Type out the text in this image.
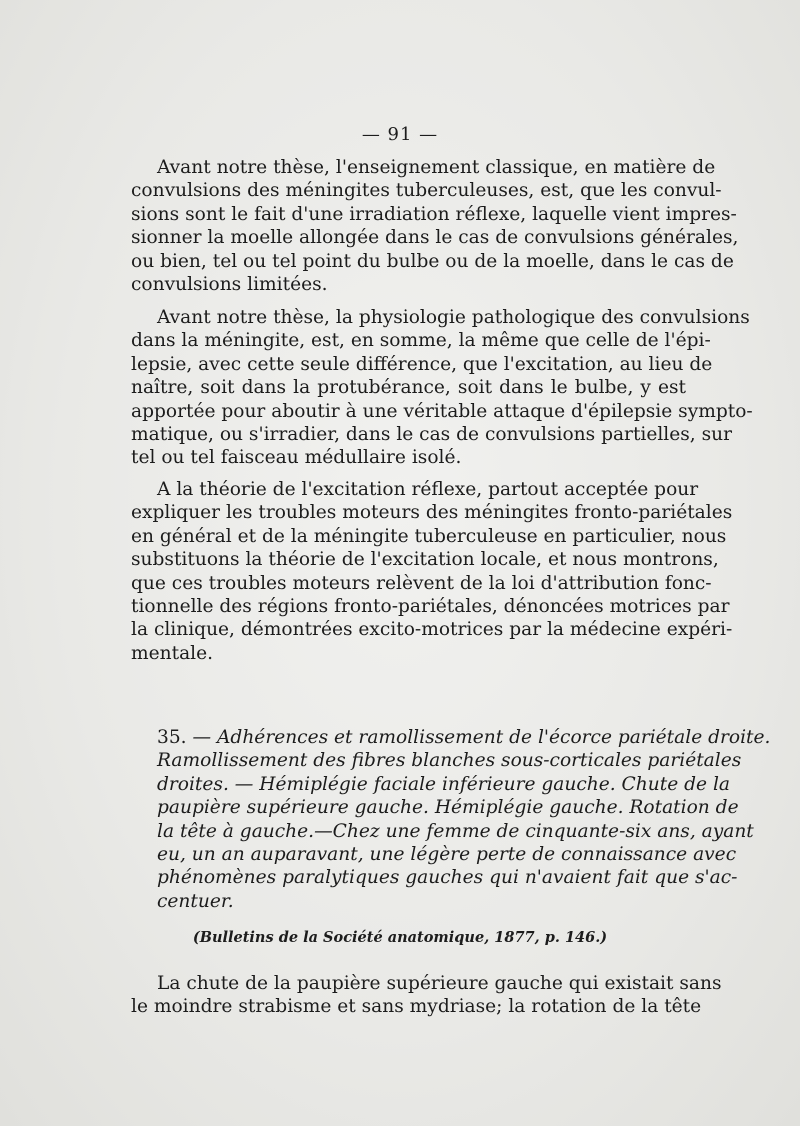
— 91 —
Avant notre thèse, l'enseignement classique, en matière de
convulsions des méningites tuberculeuses, est, que les convul-
sions sont le fait d'une irradiation réflexe, laquelle vient impres-
sionner la moelle allongée dans le cas de convulsions générales,
ou bien, tel ou tel point du bulbe ou de la moelle, dans le cas de
convulsions limitées.
Avant notre thèse, la physiologie pathologique des convulsions
dans la méningite, est, en somme, la même que celle de l'épi-
lepsie, avec cette seule différence, que l'excitation, au lieu de
naître, soit dans la protubérance, soit dans le bulbe, y est
apportée pour aboutir à une véritable attaque d'épilepsie sympto-
matique, ou s'irradier, dans le cas de convulsions partielles, sur
tel ou tel faisceau médullaire isolé.
A la théorie de l'excitation réflexe, partout acceptée pour
expliquer les troubles moteurs des méningites fronto-pariétales
en général et de la méningite tuberculeuse en particulier, nous
substituons la théorie de l'excitation locale, et nous montrons,
que ces troubles moteurs relèvent de la loi d'attribution fonc-
tionnelle des régions fronto-pariétales, dénoncées motrices par
la clinique, démontrées excito-motrices par la médecine expéri-
mentale.
35. — Adhérences et ramollissement de l'écorce pariétale droite.
Ramollissement des fibres blanches sous-corticales pariétales
droites. — Hémiplégie faciale inférieure gauche. Chute de la
paupière supérieure gauche. Hémiplégie gauche. Rotation de
la tête à gauche.—Chez une femme de cinquante-six ans, ayant
eu, un an auparavant, une légère perte de connaissance avec
phénomènes paralytiques gauches qui n'avaient fait que s'ac-
centuer.
(Bulletins de la Société anatomique, 1877, p. 146.)
La chute de la paupière supérieure gauche qui existait sans
le moindre strabisme et sans mydriase; la rotation de la tête
